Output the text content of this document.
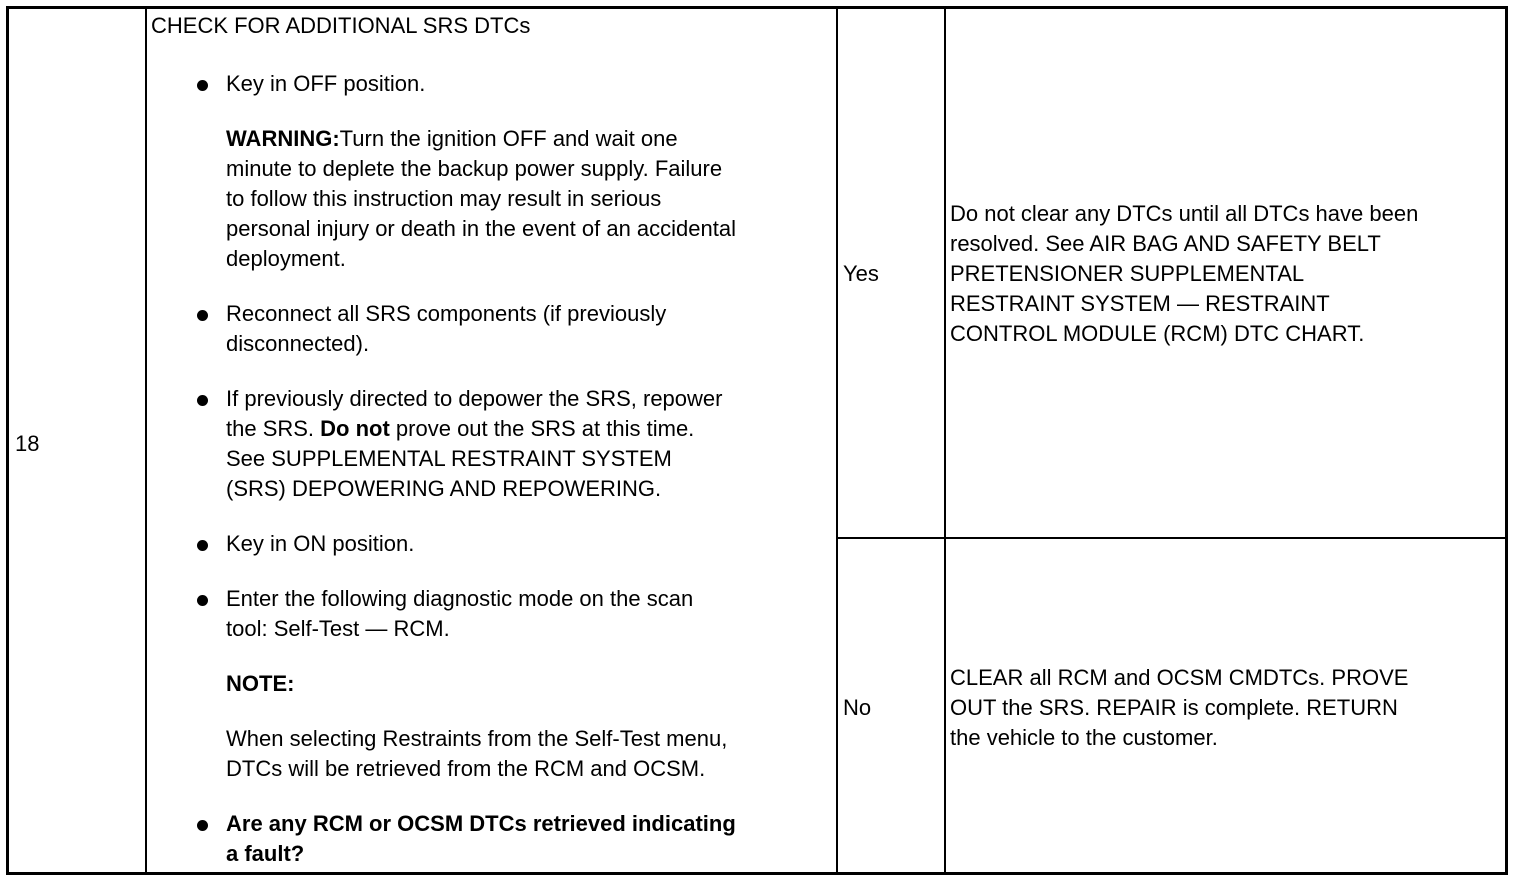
18
CHECK FOR ADDITIONAL SRS DTCs
Key in OFF position.
WARNING:Turn the ignition OFF and wait one
minute to deplete the backup power supply. Failure
to follow this instruction may result in serious
personal injury or death in the event of an accidental
deployment.
Reconnect all SRS components (if previously
disconnected).
If previously directed to depower the SRS, repower
the SRS. Do not prove out the SRS at this time.
See SUPPLEMENTAL RESTRAINT SYSTEM
(SRS) DEPOWERING AND REPOWERING.
Key in ON position.
Enter the following diagnostic mode on the scan
tool: Self-Test — RCM.
NOTE:
When selecting Restraints from the Self-Test menu,
DTCs will be retrieved from the RCM and OCSM.
Are any RCM or OCSM DTCs retrieved indicating
a fault?
Yes
Do not clear any DTCs until all DTCs have been
resolved. See AIR BAG AND SAFETY BELT
PRETENSIONER SUPPLEMENTAL
RESTRAINT SYSTEM — RESTRAINT
CONTROL MODULE (RCM) DTC CHART.
No
CLEAR all RCM and OCSM CMDTCs. PROVE
OUT the SRS. REPAIR is complete. RETURN
the vehicle to the customer.
